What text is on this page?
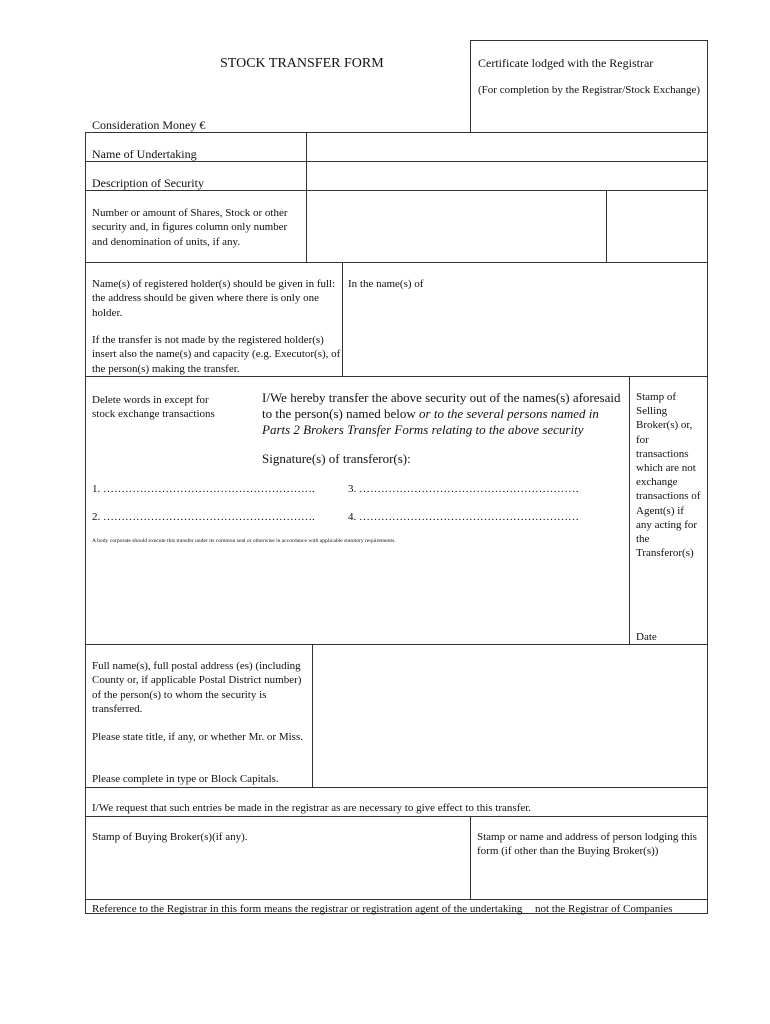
STOCK TRANSFER FORM	Certificate lodged with the Registrar
(For completion by the Registrar/Stock Exchange)
Consideration Money €
Name of Undertaking
Description of Security
Number or amount of Shares, Stock or other security and, in figures column only number and denomination of units, if any.
Name(s) of registered holder(s) should be given in full: the address should be given where there is only one holder.
If the transfer is not made by the registered holder(s) insert also the name(s) and capacity (e.g. Executor(s), of the person(s) making the transfer.
In the name(s) of
Delete words in except for stock exchange transactions
I/We hereby transfer the above security out of the names(s) aforesaid to the person(s) named below or to the several persons named in Parts 2 Brokers Transfer Forms relating to the above security
Signature(s) of transferor(s):
1. ………………………………………………….	3. ……………………………………………………
2. ………………………………………………….	4. ……………………………………………………
A body corporate should execute this transfer under its common seal or otherwise in accordance with applicable statutory requirements.
Stamp of Selling Broker(s) or, for transactions which are not exchange transactions of Agent(s) if any acting for the Transferor(s)
Date
Full name(s), full postal address (es) (including County or, if applicable Postal District number) of the person(s) to whom the security is transferred.
Please state title, if any, or whether Mr. or Miss.
Please complete in type or Block Capitals.
I/We request that such entries be made in the registrar as are necessary to give effect to this transfer.
Stamp of Buying Broker(s)(if any).	Stamp or name and address of person lodging this form (if other than the Buying Broker(s))
Reference to the Registrar in this form means the registrar or registration agent of the undertaking not the Registrar of Companies
